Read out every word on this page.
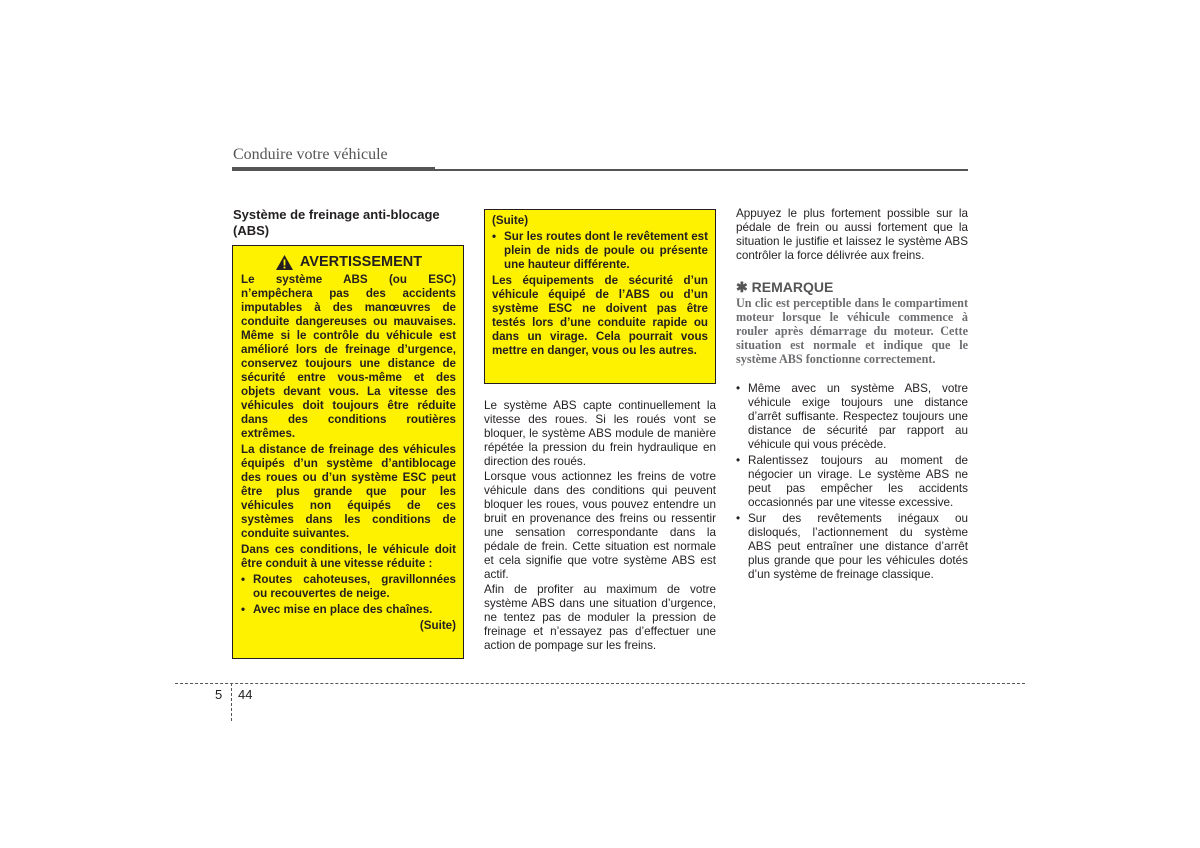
Conduire votre véhicule
Système de freinage anti-blocage (ABS)
AVERTISSEMENT

Le système ABS (ou ESC) n’empêchera pas des accidents imputables à des manœuvres de conduite dangereuses ou mauvaises. Même si le contrôle du véhicule est amélioré lors de freinage d’urgence, conservez toujours une distance de sécurité entre vous-même et des objets devant vous. La vitesse des véhicules doit toujours être réduite dans des conditions routières extrêmes.

La distance de freinage des véhicules équipés d’un système d’antiblocage des roues ou d’un système ESC peut être plus grande que pour les véhicules non équipés de ces systèmes dans les conditions de conduite suivantes.

Dans ces conditions, le véhicule doit être conduit à une vitesse réduite :

• Routes cahoteuses, gravillonnées ou recouvertes de neige.
• Avec mise en place des chaînes.
(Suite)

(Suite)

• Sur les routes dont le revêtement est plein de nids de poule ou présente une hauteur différente.

Les équipements de sécurité d’un véhicule équipé de l’ABS ou d’un système ESC ne doivent pas être testés lors d’une conduite rapide ou dans un virage. Cela pourrait vous mettre en danger, vous ou les autres.

Le système ABS capte continuellement la vitesse des roues. Si les roués vont se bloquer, le système ABS module de manière répétée la pression du frein hydraulique en direction des roués.

Lorsque vous actionnez les freins de votre véhicule dans des conditions qui peuvent bloquer les roues, vous pouvez entendre un bruit en provenance des freins ou ressentir une sensation correspondante dans la pédale de frein. Cette situation est normale et cela signifie que votre système ABS est actif.

Afin de profiter au maximum de votre système ABS dans une situation d’urgence, ne tentez pas de moduler la pression de freinage et n’essayez pas d’effectuer une action de pompage sur les freins.

Appuyez le plus fortement possible sur la pédale de frein ou aussi fortement que la situation le justifie et laissez le système ABS contrôler la force délivrée aux freins.

✱ REMARQUE
Un clic est perceptible dans le compartiment moteur lorsque le véhicule commence à rouler après démarrage du moteur. Cette situation est normale et indique que le système ABS fonctionne correctement.
• Même avec un système ABS, votre véhicule exige toujours une distance d’arrêt suffisante. Respectez toujours une distance de sécurité par rapport au véhicule qui vous précède.
• Ralentissez toujours au moment de négocier un virage. Le système ABS ne peut pas empêcher les accidents occasionnés par une vitesse excessive.
• Sur des revêtements inégaux ou disloqués, l’actionnement du système ABS peut entraîner une distance d’arrêt plus grande que pour les véhicules dotés d’un système de freinage classique.
5 44
